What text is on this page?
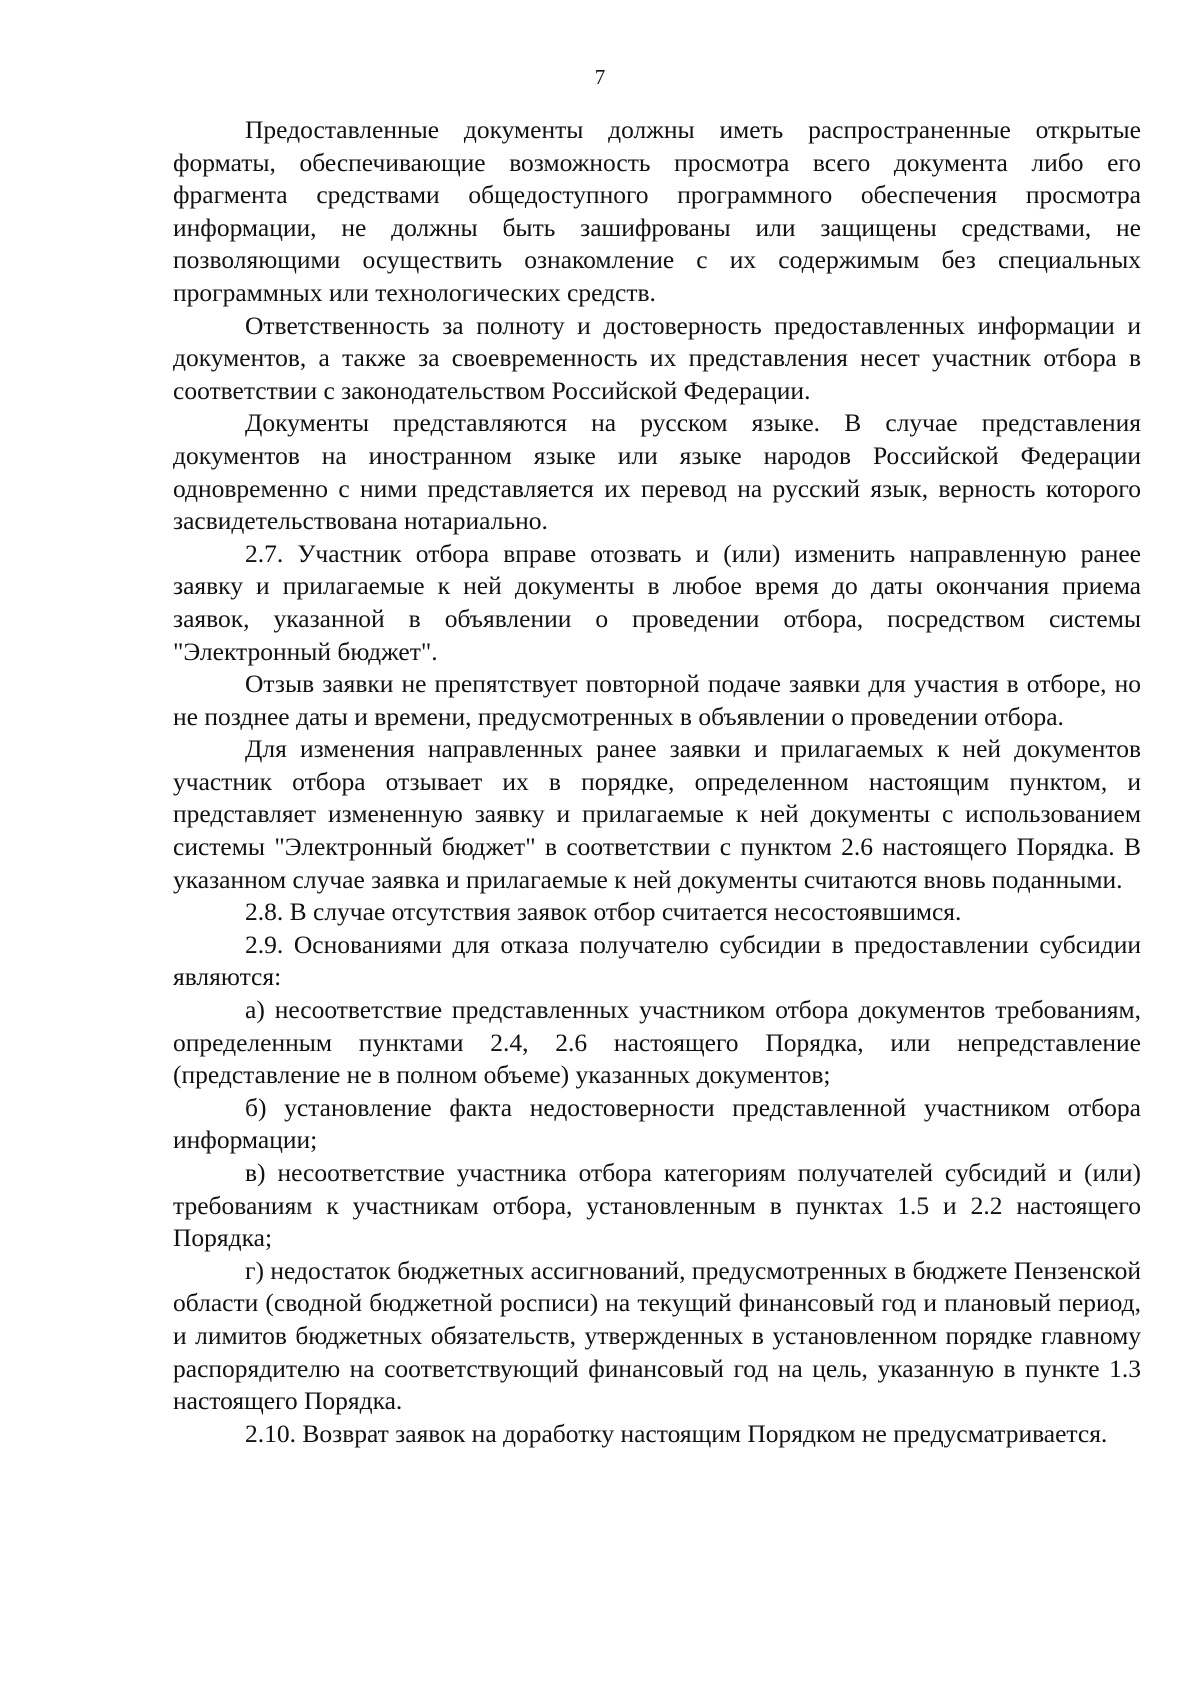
7

Предоставленные документы должны иметь распространенные открытые форматы, обеспечивающие возможность просмотра всего документа либо его фрагмента средствами общедоступного программного обеспечения просмотра информации, не должны быть зашифрованы или защищены средствами, не позволяющими осуществить ознакомление с их содержимым без специальных программных или технологических средств.

Ответственность за полноту и достоверность предоставленных информации и документов, а также за своевременность их представления несет участник отбора в соответствии с законодательством Российской Федерации.

Документы представляются на русском языке. В случае представления документов на иностранном языке или языке народов Российской Федерации одновременно с ними представляется их перевод на русский язык, верность которого засвидетельствована нотариально.

2.7. Участник отбора вправе отозвать и (или) изменить направленную ранее заявку и прилагаемые к ней документы в любое время до даты окончания приема заявок, указанной в объявлении о проведении отбора, посредством системы "Электронный бюджет".

Отзыв заявки не препятствует повторной подаче заявки для участия в отборе, но не позднее даты и времени, предусмотренных в объявлении о проведении отбора.

Для изменения направленных ранее заявки и прилагаемых к ней документов участник отбора отзывает их в порядке, определенном настоящим пунктом, и представляет измененную заявку и прилагаемые к ней документы с использованием системы "Электронный бюджет" в соответствии с пунктом 2.6 настоящего Порядка. В указанном случае заявка и прилагаемые к ней документы считаются вновь поданными.

2.8. В случае отсутствия заявок отбор считается несостоявшимся.

2.9. Основаниями для отказа получателю субсидии в предоставлении субсидии являются:

а) несоответствие представленных участником отбора документов требованиям, определенным пунктами 2.4, 2.6 настоящего Порядка, или непредставление (представление не в полном объеме) указанных документов;

б) установление факта недостоверности представленной участником отбора информации;

в) несоответствие участника отбора категориям получателей субсидий и (или) требованиям к участникам отбора, установленным в пунктах 1.5 и 2.2 настоящего Порядка;

г) недостаток бюджетных ассигнований, предусмотренных в бюджете Пензенской области (сводной бюджетной росписи) на текущий финансовый год и плановый период, и лимитов бюджетных обязательств, утвержденных в установленном порядке главному распорядителю на соответствующий финансовый год на цель, указанную в пункте 1.3 настоящего Порядка.

2.10. Возврат заявок на доработку настоящим Порядком не предусматривается.
